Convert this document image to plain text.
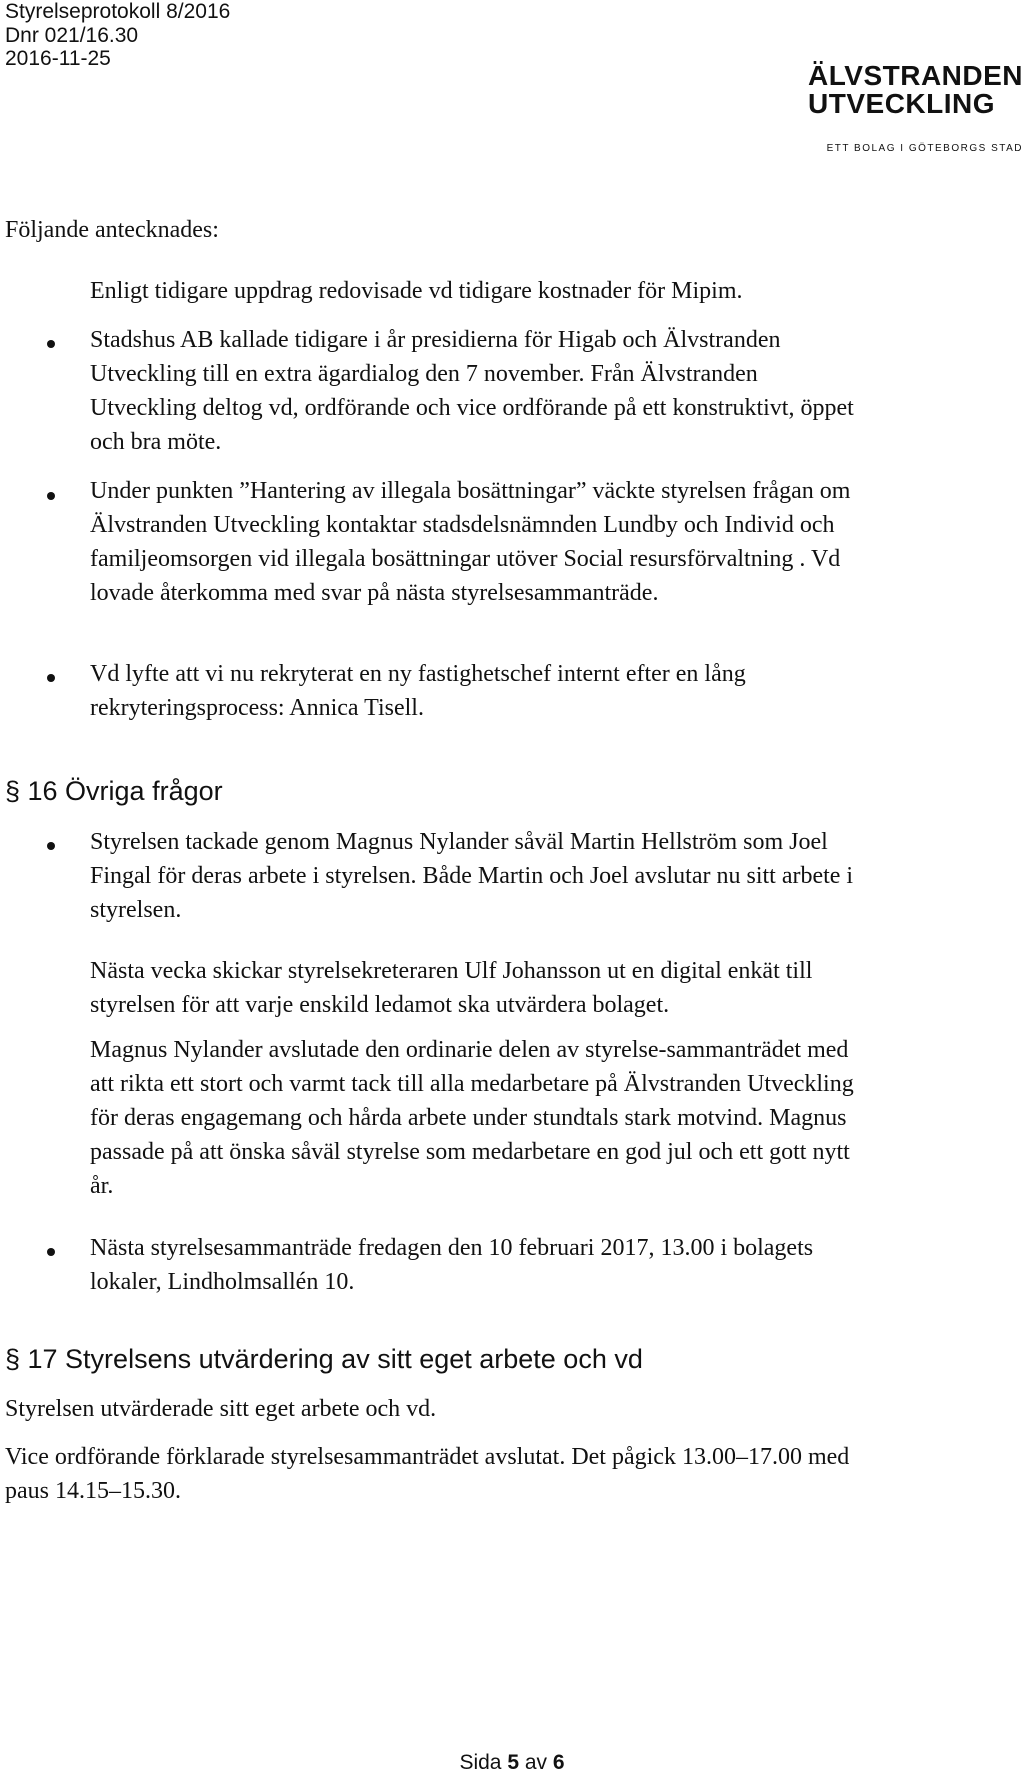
Styrelseprotokoll 8/2016
Dnr 021/16.30
2016-11-25
ÄLVSTRANDEN
UTVECKLING
ETT BOLAG I GÖTEBORGS STAD

Följande antecknades:

Enligt tidigare uppdrag redovisade vd tidigare kostnader för Mipim.

Stadshus AB kallade tidigare i år presidierna för Higab och Älvstranden Utveckling till en extra ägardialog den 7 november. Från Älvstranden Utveckling deltog vd, ordförande och vice ordförande på ett konstruktivt, öppet och bra möte.

Under punkten ”Hantering av illegala bosättningar” väckte styrelsen frågan om Älvstranden Utveckling kontaktar stadsdelsnämnden Lundby och Individ och familjeomsorgen vid illegala bosättningar utöver Social resursförvaltning . Vd lovade återkomma med svar på nästa styrelsesammanträde.

Vd lyfte att vi nu rekryterat en ny fastighetschef internt efter en lång rekryteringsprocess: Annica Tisell.

§ 16 Övriga frågor

Styrelsen tackade genom Magnus Nylander såväl Martin Hellström som Joel Fingal för deras arbete i styrelsen. Både Martin och Joel avslutar nu sitt arbete i styrelsen.

Nästa vecka skickar styrelsekreteraren Ulf Johansson ut en digital enkät till styrelsen för att varje enskild ledamot ska utvärdera bolaget.

Magnus Nylander avslutade den ordinarie delen av styrelse-sammanträdet med att rikta ett stort och varmt tack till alla medarbetare på Älvstranden Utveckling för deras engagemang och hårda arbete under stundtals stark motvind. Magnus passade på att önska såväl styrelse som medarbetare en god jul och ett gott nytt år.

Nästa styrelsesammanträde fredagen den 10 februari 2017, 13.00 i bolagets lokaler, Lindholmsallén 10.

§ 17 Styrelsens utvärdering av sitt eget arbete och vd

Styrelsen utvärderade sitt eget arbete och vd.

Vice ordförande förklarade styrelsesammanträdet avslutat. Det pågick 13.00–17.00 med paus 14.15–15.30.

Sida 5 av 6
